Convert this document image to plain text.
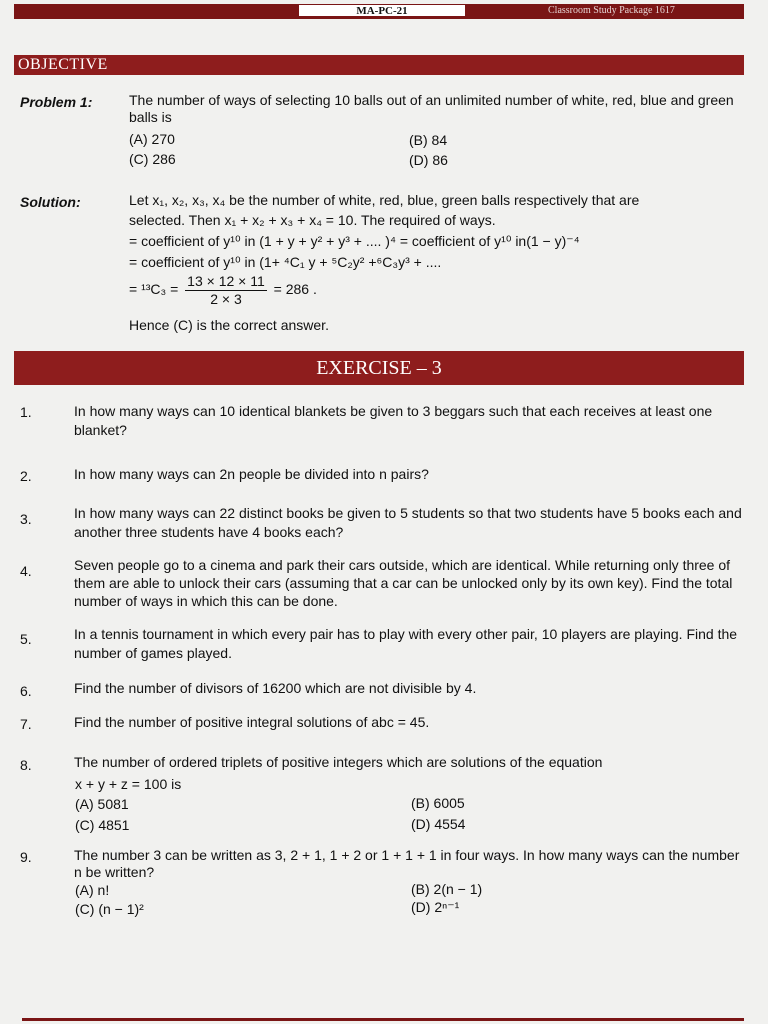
MA-PC-21	Classroom Study Package 1617
OBJECTIVE
Problem 1:	The number of ways of selecting 10 balls out of an unlimited number of white, red, blue and green balls is
(A) 270	(B) 84
(C) 286	(D) 86
Solution:	Let x₁, x₂, x₃, x₄ be the number of white, red, blue, green balls respectively that are
selected. Then x₁ + x₂ + x₃ + x₄ = 10. The required of ways.
= coefficient of y¹⁰ in (1 + y + y² + y³ + .... )⁴ = coefficient of y¹⁰ in(1 − y)⁻⁴
= coefficient of y¹⁰ in (1+ ⁴C₁ y + ⁵C₂y² +⁶C₃y³ + ....
= $^{13}C_3 = \frac{13 \times 12 \times 11}{2 \times 3} = 286$ .
Hence (C) is the correct answer.
EXERCISE – 3
1.	In how many ways can 10 identical blankets be given to 3 beggars such that each receives at least one blanket?
2.	In how many ways can 2n people be divided into n pairs?
3.	In how many ways can 22 distinct books be given to 5 students so that two students have 5 books each and another three students have 4 books each?
4.	Seven people go to a cinema and park their cars outside, which are identical. While returning only three of them are able to unlock their cars (assuming that a car can be unlocked only by its own key). Find the total number of ways in which this can be done.
5.	In a tennis tournament in which every pair has to play with every other pair, 10 players are playing. Find the number of games played.
6.	Find the number of divisors of 16200 which are not divisible by 4.
7.	Find the number of positive integral solutions of abc = 45.
8.	The number of ordered triplets of positive integers which are solutions of the equation
x + y + z = 100 is
(A) 5081	(B) 6005
(C) 4851	(D) 4554
9.	The number 3 can be written as 3, 2 + 1, 1 + 2 or 1 + 1 + 1 in four ways. In how many ways can the number n be written?
(A) n!	(B) 2(n − 1)
(C) (n − 1)²	(D) 2ⁿ⁻¹
